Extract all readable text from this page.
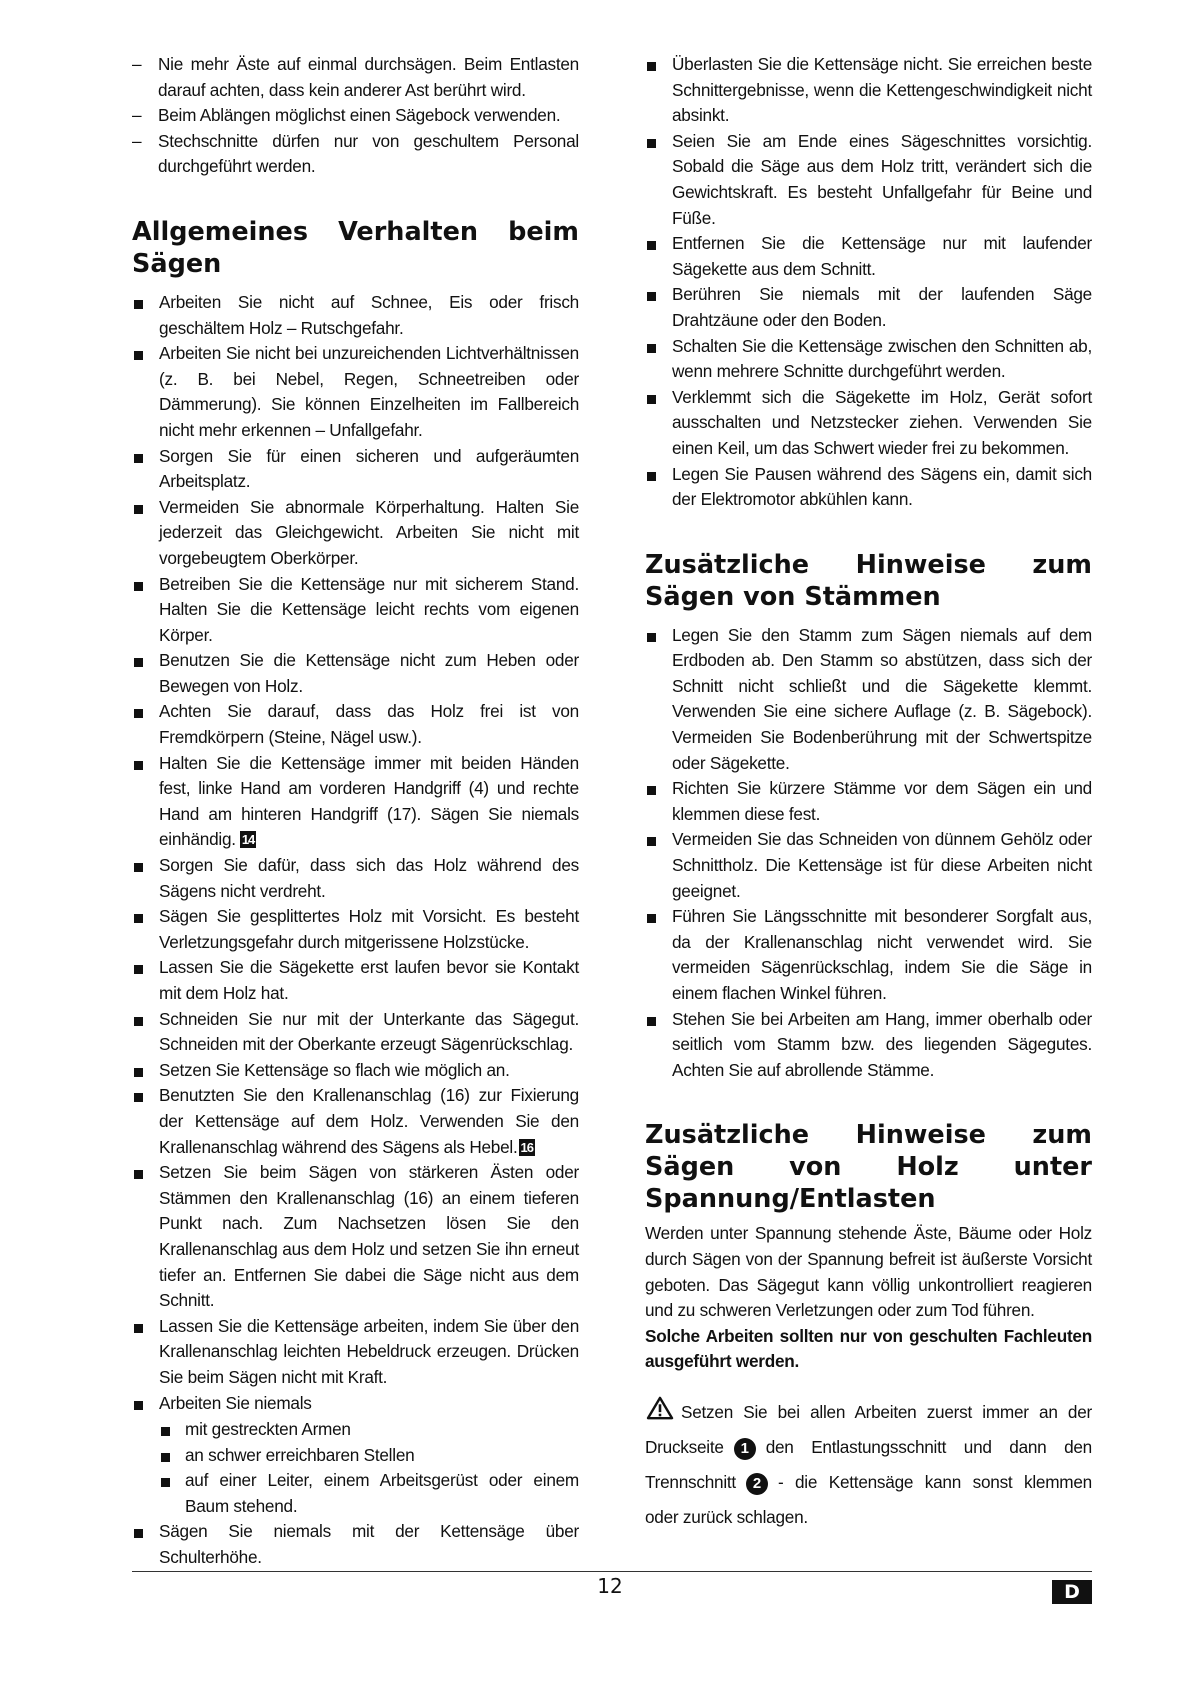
– Nie mehr Äste auf einmal durchsägen. Beim Entlasten darauf achten, dass kein anderer Ast berührt wird.
– Beim Ablängen möglichst einen Sägebock verwenden.
– Stechschnitte dürfen nur von geschultem Personal durchgeführt werden.
Allgemeines Verhalten beim Sägen
Arbeiten Sie nicht auf Schnee, Eis oder frisch geschältem Holz – Rutschgefahr.
Arbeiten Sie nicht bei unzureichenden Lichtverhältnissen (z. B. bei Nebel, Regen, Schneetreiben oder Dämmerung). Sie können Einzelheiten im Fallbereich nicht mehr erkennen – Unfallgefahr.
Sorgen Sie für einen sicheren und aufgeräumten Arbeitsplatz.
Vermeiden Sie abnormale Körperhaltung. Halten Sie jederzeit das Gleichgewicht. Arbeiten Sie nicht mit vorgebeugtem Oberkörper.
Betreiben Sie die Kettensäge nur mit sicherem Stand. Halten Sie die Kettensäge leicht rechts vom eigenen Körper.
Benutzen Sie die Kettensäge nicht zum Heben oder Bewegen von Holz.
Achten Sie darauf, dass das Holz frei ist von Fremdkörpern (Steine, Nägel usw.).
Halten Sie die Kettensäge immer mit beiden Händen fest, linke Hand am vorderen Handgriff (4) und rechte Hand am hinteren Handgriff (17). Sägen Sie niemals einhändig. 14
Sorgen Sie dafür, dass sich das Holz während des Sägens nicht verdreht.
Sägen Sie gesplittertes Holz mit Vorsicht. Es besteht Verletzungsgefahr durch mitgerissene Holzstücke.
Lassen Sie die Sägekette erst laufen bevor sie Kontakt mit dem Holz hat.
Schneiden Sie nur mit der Unterkante das Sägegut. Schneiden mit der Oberkante erzeugt Sägenrückschlag.
Setzen Sie Kettensäge so flach wie möglich an.
Benutzten Sie den Krallenanschlag (16) zur Fixierung der Kettensäge auf dem Holz. Verwenden Sie den Krallenanschlag während des Sägens als Hebel. 16
Setzen Sie beim Sägen von stärkeren Ästen oder Stämmen den Krallenanschlag (16) an einem tieferen Punkt nach. Zum Nachsetzen lösen Sie den Krallenanschlag aus dem Holz und setzen Sie ihn erneut tiefer an. Entfernen Sie dabei die Säge nicht aus dem Schnitt.
Lassen Sie die Kettensäge arbeiten, indem Sie über den Krallenanschlag leichten Hebeldruck erzeugen. Drücken Sie beim Sägen nicht mit Kraft.
Arbeiten Sie niemals
mit gestreckten Armen
an schwer erreichbaren Stellen
auf einer Leiter, einem Arbeitsgerüst oder einem Baum stehend.
Sägen Sie niemals mit der Kettensäge über Schulterhöhe.
Überlasten Sie die Kettensäge nicht. Sie erreichen beste Schnittergebnisse, wenn die Kettengeschwindigkeit nicht absinkt.
Seien Sie am Ende eines Sägeschnittes vorsichtig. Sobald die Säge aus dem Holz tritt, verändert sich die Gewichtskraft. Es besteht Unfallgefahr für Beine und Füße.
Entfernen Sie die Kettensäge nur mit laufender Sägekette aus dem Schnitt.
Berühren Sie niemals mit der laufenden Säge Drahtzäune oder den Boden.
Schalten Sie die Kettensäge zwischen den Schnitten ab, wenn mehrere Schnitte durchgeführt werden.
Verklemmt sich die Sägekette im Holz, Gerät sofort ausschalten und Netzstecker ziehen. Verwenden Sie einen Keil, um das Schwert wieder frei zu bekommen.
Legen Sie Pausen während des Sägens ein, damit sich der Elektromotor abkühlen kann.
Zusätzliche Hinweise zum Sägen von Stämmen
Legen Sie den Stamm zum Sägen niemals auf dem Erdboden ab. Den Stamm so abstützen, dass sich der Schnitt nicht schließt und die Sägekette klemmt. Verwenden Sie eine sichere Auflage (z. B. Sägebock). Vermeiden Sie Bodenberührung mit der Schwertspitze oder Sägekette.
Richten Sie kürzere Stämme vor dem Sägen ein und klemmen diese fest.
Vermeiden Sie das Schneiden von dünnem Gehölz oder Schnittholz. Die Kettensäge ist für diese Arbeiten nicht geeignet.
Führen Sie Längsschnitte mit besonderer Sorgfalt aus, da der Krallenanschlag nicht verwendet wird. Sie vermeiden Sägenrückschlag, indem Sie die Säge in einem flachen Winkel führen.
Stehen Sie bei Arbeiten am Hang, immer oberhalb oder seitlich vom Stamm bzw. des liegenden Sägegutes. Achten Sie auf abrollende Stämme.
Zusätzliche Hinweise zum Sägen von Holz unter Spannung/Entlasten

Werden unter Spannung stehende Äste, Bäume oder Holz durch Sägen von der Spannung befreit ist äußerste Vorsicht geboten. Das Sägegut kann völlig unkontrolliert reagieren und zu schweren Verletzungen oder zum Tod führen.

Solche Arbeiten sollten nur von geschulten Fachleuten ausgeführt werden.

Setzen Sie bei allen Arbeiten zuerst immer an der Druckseite 1 den Entlastungsschnitt und dann den Trennschnitt 2 - die Kettensäge kann sonst klemmen oder zurück schlagen.

12	D
